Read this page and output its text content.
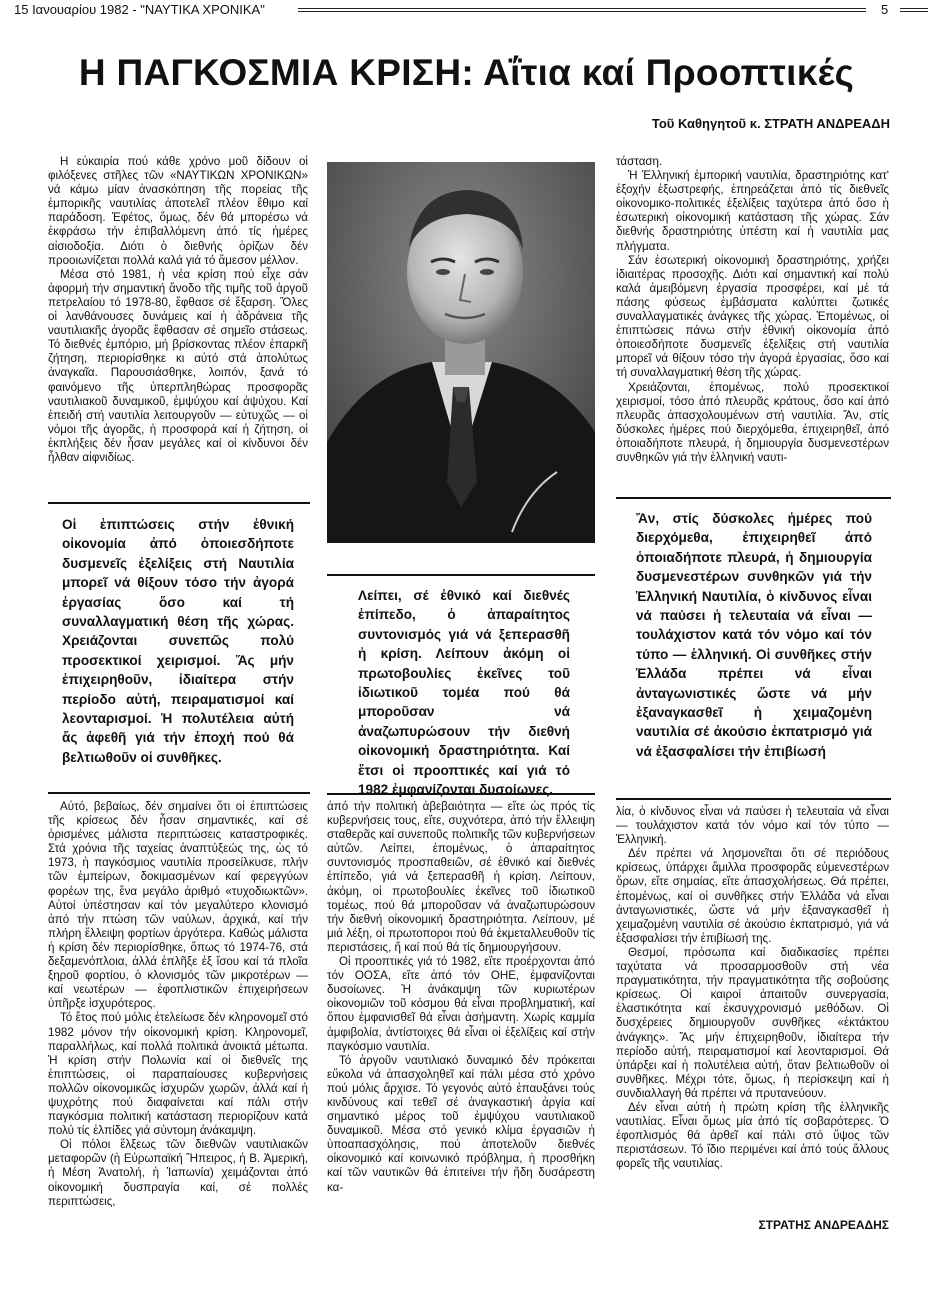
15 Ιανουαρίου 1982 - "ΝΑΥΤΙΚΑ ΧΡΟΝΙΚΑ"	5
Η ΠΑΓΚΟΣΜΙΑ ΚΡΙΣΗ: Αΐτια καί Προοπτικές
Τοῦ Καθηγητοῦ κ. ΣΤΡΑΤΗ ΑΝΔΡΕΑΔΗ

Η εὐκαιρία πού κάθε χρόνο μοῦ δίδουν οἱ φιλόξενες στῆλες τῶν «ΝΑΥΤΙΚΩΝ ΧΡΟΝΙΚΩΝ» νά κάμω μίαν ἀνασκόπηση τῆς πορείας τῆς ἐμπορικῆς ναυτιλίας ἀποτελεῖ πλέον ἔθιμο καί παράδοση. Ἐφέτος, ὅμως, δέν θά μπορέσω νά ἐκφράσω τήν ἐπιβαλλόμενη ἀπό τίς ἡμέρες αἰσιοδοξία. Διότι ὁ διεθνής ὁρίζων δέν προοιωνίζεται πολλά καλά γιά τό ἄμεσον μέλλον.

Μέσα στό 1981, ἡ νέα κρίση πού εἶχε σάν ἀφορμή τήν σημαντική ἄνοδο τῆς τιμῆς τοῦ ἀργοῦ πετρελαίου τό 1978-80, ἔφθασε σέ ἔξαρση. Ὅλες οἱ λανθάνουσες δυνάμεις καί ἡ ἀδράνεια τῆς ναυτιλιακῆς ἀγορᾶς ἔφθασαν σέ σημεῖο στάσεως. Τό διεθνές ἐμπόριο, μή βρίσκοντας πλέον ἐπαρκῆ ζήτηση, περιορίσθηκε κι αὐτό στά ἀπολύτως ἀναγκαῖα. Παρουσιάσθηκε, λοιπόν, ξανά τό φαινόμενο τῆς ὑπερπληθώρας προσφορᾶς ναυτιλιακοῦ δυναμικοῦ, ἐμψύχου καί ἀψύχου. Καί ἐπειδή στή ναυτιλία λειτουργοῦν — εὐτυχῶς — οἱ νόμοι τῆς ἀγορᾶς, ἡ προσφορά καί ἡ ζήτηση, οἱ ἐκπλήξεις δέν ἦσαν μεγάλες καί οἱ κίνδυνοι δέν ἦλθαν αἰφνιδίως.

Οἱ ἐπιπτώσεις στήν ἐθνική οἰκονομία ἀπό ὁποιεσδήποτε δυσμενεῖς ἐξελίξεις στή Ναυτιλία μπορεῖ νά θίξουν τόσο τήν ἀγορά ἐργασίας ὅσο καί τή συναλλαγματική θέση τῆς χώρας. Χρειάζονται συνεπῶς πολύ προσεκτικοί χειρισμοί. Ἄς μήν ἐπιχειρηθοῦν, ἰδιαίτερα στήν περίοδο αὐτή, πειραματισμοί καί λεονταρισμοί. Ἡ πολυτέλεια αὐτή ἄς ἀφεθῆ γιά τήν ἐποχή πού θά βελτιωθοῦν οἱ συνθῆκες.

Αὐτό, βεβαίως, δέν σημαίνει ὅτι οἱ ἐπιπτώσεις τῆς κρίσεως δέν ἦσαν σημαντικές, καί σέ ὁρισμένες μάλιστα περιπτώσεις καταστροφικές. Στά χρόνια τῆς ταχείας ἀναπτύξεώς της, ὡς τό 1973, ἡ παγκόσμιος ναυτιλία προσείλκυσε, πλήν τῶν ἐμπείρων, δοκιμασμένων καί φερεγγύων φορέων της, ἕνα μεγάλο ἀριθμό «τυχοδιωκτῶν». Αὐτοί ὑπέστησαν καί τόν μεγαλύτερο κλονισμό ἀπό τήν πτώση τῶν ναύλων, ἀρχικά, καί τήν πλήρη ἔλλειψη φορτίων ἀργότερα. Καθώς μάλιστα ἡ κρίση δέν περιορίσθηκε, ὅπως τό 1974-76, στά δεξαμενόπλοια, ἀλλά ἐπλῆξε ἐξ ἴσου καί τά πλοῖα ξηροῦ φορτίου, ὁ κλονισμός τῶν μικροτέρων — καί νεωτέρων — ἐφοπλιστικῶν ἐπιχειρήσεων ὑπῆρξε ἰσχυρότερος.

Τό ἔτος πού μόλις ἐτελείωσε δέν κληρονομεῖ στό 1982 μόνον τήν οἰκονομική κρίση. Κληρονομεῖ, παραλλήλως, καί πολλά πολιτικά ἀνοικτά μέτωπα. Ἡ κρίση στήν Πολωνία καί οἱ διεθνεῖς της ἐπιπτώσεις, οἱ παραπαίουσες κυβερνήσεις πολλῶν οἰκονομικῶς ἰσχυρῶν χωρῶν, ἀλλά καί ἡ ψυχρότης πού διαφαίνεται καί πάλι στήν παγκόσμια πολιτική κατάσταση περιορίζουν κατά πολύ τίς ἐλπίδες γιά σύντομη ἀνάκαμψη.

Οἱ πόλοι ἔλξεως τῶν διεθνῶν ναυτιλιακῶν μεταφορῶν (ἡ Εὐρωπαϊκή Ἤπειρος, ἡ Β. Ἀμερική, ἡ Μέση Ἀνατολή, ἡ Ἰαπωνία) χειμάζονται ἀπό οἰκονομική δυσπραγία καί, σέ πολλές περιπτώσεις,

Λείπει, σέ ἐθνικό καί διεθνές ἐπίπεδο, ὁ ἀπαραίτητος συντονισμός γιά νά ξεπερασθῆ ἡ κρίση. Λείπουν ἀκόμη οἱ πρωτοβουλίες ἐκεῖνες τοῦ ἰδιωτικοῦ τομέα πού θά μποροῦσαν νά ἀναζωπυρώσουν τήν διεθνή οἰκονομική δραστηριότητα. Καί ἔτσι οἱ προοπτικές καί γιά τό 1982 ἐμφανίζονται δυσοίωνες.

ἀπό τήν πολιτική ἀβεβαιότητα — εἴτε ὡς πρός τίς κυβερνήσεις τους, εἴτε, συχνότερα, ἀπό τήν ἔλλειψη σταθερᾶς καί συνεποῦς πολιτικῆς τῶν κυβερνήσεων αὐτῶν. Λείπει, ἐπομένως, ὁ ἀπαραίτητος συντονισμός προσπαθειῶν, σέ ἐθνικό καί διεθνές ἐπίπεδο, γιά νά ξεπερασθῆ ἡ κρίση. Λείπουν, ἀκόμη, οἱ πρωτοβουλίες ἐκεῖνες τοῦ ἰδιωτικοῦ τομέως, πού θά μποροῦσαν νά ἀναζωπυρώσουν τήν διεθνή οἰκονομική δραστηριότητα. Λείπουν, μέ μιά λέξη, οἱ πρωτοποροι πού θά ἐκμεταλλευθοῦν τίς περιστάσεις, ἤ καί πού θά τίς δημιουργήσουν.

Οἱ προοπτικές γιά τό 1982, εἴτε προέρχονται ἀπό τόν ΟΟΣΑ, εἴτε ἀπό τόν ΟΗΕ, ἐμφανίζονται δυσοίωνες. Ἡ ἀνάκαμψη τῶν κυριωτέρων οἰκονομιῶν τοῦ κόσμου θά εἶναι προβληματική, καί ὅπου ἐμφανισθεῖ θά εἶναι ἀσήμαντη. Χωρίς καμμία ἀμφιβολία, ἀντίστοιχες θά εἶναι οἱ ἐξελίξεις καί στήν παγκόσμιο ναυτιλία.

Τό ἀργοῦν ναυτιλιακό δυναμικό δέν πρόκειται εὔκολα νά ἀπασχοληθεῖ καί πάλι μέσα στό χρόνο πού μόλις ἄρχισε. Τό γεγονός αὐτό ἐπαυξάνει τούς κινδύνους καί τεθεῖ σέ ἀναγκαστική ἀργία καί σημαντικό μέρος τοῦ ἐμψύχου ναυτιλιακοῦ δυναμικοῦ. Μέσα στό γενικό κλίμα ἐργασιῶν ἡ ὑποαπασχόλησις, πού ἀποτελοῦν διεθνές οἰκονομικό καί κοινωνικό πρόβλημα, ἡ προσθήκη καί τῶν ναυτικῶν θά ἐπιτείνει τήν ἤδη δυσάρεστη κα-

τάσταση.

Ἡ Ἑλληνική ἐμπορική ναυτιλία, δραστηριότης κατ' ἐξοχήν ἐξωστρεφής, ἐπηρεάζεται ἀπό τίς διεθνεῖς οἰκονομικο-πολιτικές ἐξελίξεις ταχύτερα ἀπό ὅσο ἡ ἐσωτερική οἰκονομική κατάσταση τῆς χώρας. Σάν διεθνής δραστηριότης ὑπέστη καί ἡ ναυτιλία μας πλήγματα.

Σάν ἐσωτερική οἰκονομική δραστηριότης, χρήζει ἰδιαιτέρας προσοχῆς. Διότι καί σημαντική καί πολύ καλά ἀμειβόμενη ἐργασία προσφέρει, καί μέ τά πάσης φύσεως ἐμβάσματα καλύπτει ζωτικές συναλλαγματικές ἀνάγκες τῆς χώρας. Ἐπομένως, οἱ ἐπιπτώσεις πάνω στήν ἐθνική οἰκονομία ἀπό ὁποιεσδήποτε δυσμενεῖς ἐξελίξεις στή ναυτιλία μπορεῖ νά θίξουν τόσο τήν ἀγορά ἐργασίας, ὅσο καί τή συναλλαγματική θέση τῆς χώρας.

Χρειάζονται, ἐπομένως, πολύ προσεκτικοί χειρισμοί, τόσο ἀπό πλευρᾶς κράτους, ὅσο καί ἀπό πλευρᾶς ἀπασχολουμένων στή ναυτιλία. Ἄν, στίς δύσκολες ἡμέρες πού διερχόμεθα, ἐπιχειρηθεῖ, ἀπό ὁποιαδήποτε πλευρά, ἡ δημιουργία δυσμενεστέρων συνθηκῶν γιά τήν ἑλληνική ναυτι-

Ἄν, στίς δύσκολες ἡμέρες πού διερχόμεθα, ἐπιχειρηθεῖ ἀπό ὁποιαδήποτε πλευρά, ἡ δημιουργία δυσμενεστέρων συνθηκῶν γιά τήν Ἑλληνική Ναυτιλία, ὁ κίνδυνος εἶναι νά παύσει ἡ τελευταία νά εἶναι — τουλάχιστον κατά τόν νόμο καί τόν τύπο — ἑλληνική. Οἱ συνθῆκες στήν Ἑλλάδα πρέπει νά εἶναι ἀνταγωνιστικές ὥστε νά μήν ἐξαναγκασθεῖ ἡ χειμαζομένη ναυτιλία σέ ἀκούσιο ἐκπατρισμό γιά νά ἐξασφαλίσει τήν ἐπιβίωσή

λία, ὁ κίνδυνος εἶναι νά παύσει ἡ τελευταία νά εἶναι — τουλάχιστον κατά τόν νόμο καί τόν τύπο — Ἑλληνική.

Δέν πρέπει νά λησμονεῖται ὅτι σέ περιόδους κρίσεως, ὑπάρχει ἅμιλλα προσφορᾶς εὐμενεστέρων ὅρων, εἴτε σημαίας, εἴτε ἀπασχολήσεως. Θά πρέπει, ἐπομένως, καί οἱ συνθῆκες στήν Ἑλλάδα νά εἶναι ἀνταγωνιστικές, ὥστε νά μήν ἐξαναγκασθεῖ ἡ χειμαζομένη ναυτιλία σέ ἀκούσιο ἐκπατρισμό, γιά νά ἐξασφαλίσει τήν ἐπιβίωσή της.

Θεσμοί, πρόσωπα καί διαδικασίες πρέπει ταχύτατα νά προσαρμοσθοῦν στή νέα πραγματικότητα, τήν πραγματικότητα τῆς σοβούσης κρίσεως. Οἱ καιροί ἀπαιτοῦν συνεργασία, ἐλαστικότητα καί ἐκσυγχρονισμό μεθόδων. Οἱ δυσχέρειες δημιουργοῦν συνθῆκες «ἐκτάκτου ἀνάγκης». Ἄς μήν ἐπιχειρηθοῦν, ἰδιαίτερα τήν περίοδο αὐτή, πειραματισμοί καί λεονταρισμοί. Θά ὑπάρξει καί ἡ πολυτέλεια αὐτή, ὅταν βελτιωθοῦν οἱ συνθῆκες. Μέχρι τότε, ὅμως, ἡ περίσκεψη καί ἡ συνδιαλλαγή θά πρέπει νά πρυτανεύουν.

Δέν εἶναι αὐτή ἡ πρώτη κρίση τῆς ἑλληνικῆς ναυτιλίας. Εἶναι ὅμως μία ἀπό τίς σοβαρότερες. Ὁ ἐφοπλισμός θά ἀρθεῖ καί πάλι στό ὕψος τῶν περιστάσεων. Τό ἴδιο περιμένει καί ἀπό τούς ἄλλους φορεῖς τῆς ναυτιλίας.

ΣΤΡΑΤΗΣ ΑΝΔΡΕΑΔΗΣ
